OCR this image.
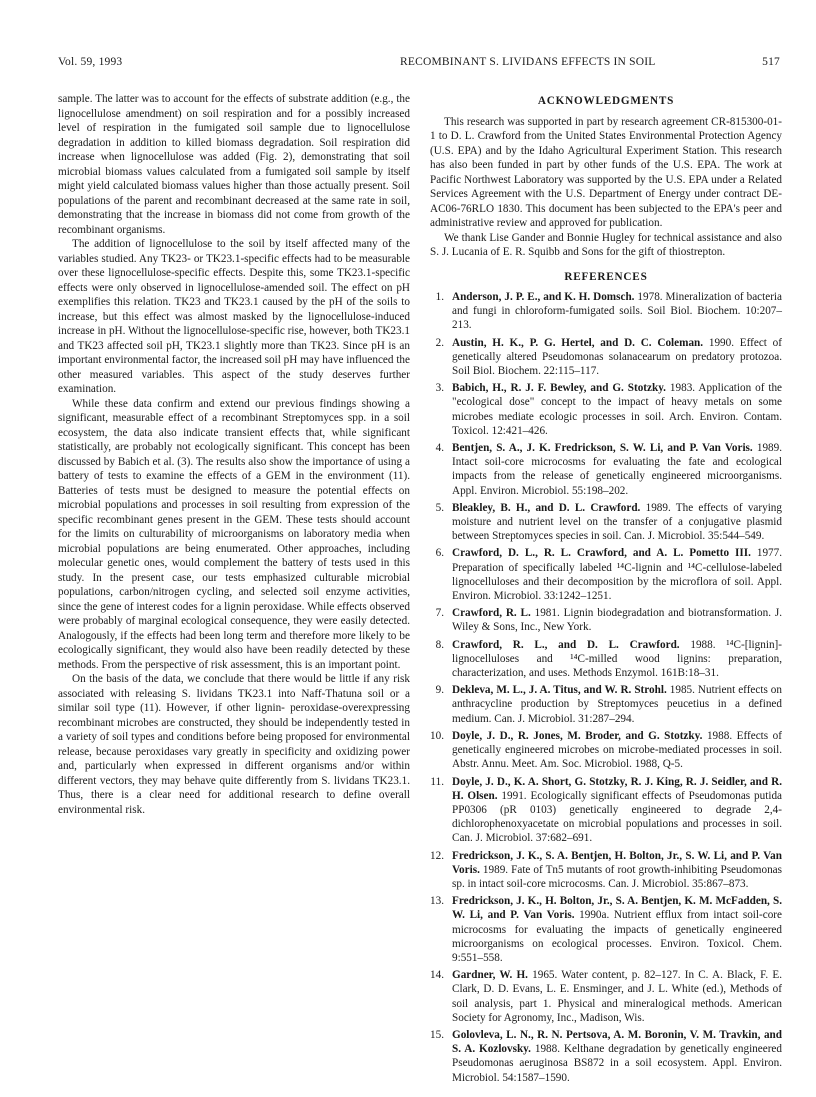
Vol. 59, 1993	RECOMBINANT S. LIVIDANS EFFECTS IN SOIL	517

sample. The latter was to account for the effects of substrate addition (e.g., the lignocellulose amendment) on soil respiration and for a possibly increased level of respiration in the fumigated soil sample due to lignocellulose degradation in addition to killed biomass degradation. Soil respiration did increase when lignocellulose was added (Fig. 2), demonstrating that soil microbial biomass values calculated from a fumigated soil sample by itself might yield calculated biomass values higher than those actually present. Soil populations of the parent and recombinant decreased at the same rate in soil, demonstrating that the increase in biomass did not come from growth of the recombinant organisms.

The addition of lignocellulose to the soil by itself affected many of the variables studied. Any TK23- or TK23.1-specific effects had to be measurable over these lignocellulose-specific effects. Despite this, some TK23.1-specific effects were only observed in lignocellulose-amended soil. The effect on pH exemplifies this relation. TK23 and TK23.1 caused by the pH of the soils to increase, but this effect was almost masked by the lignocellulose-induced increase in pH. Without the lignocellulose-specific rise, however, both TK23.1 and TK23 affected soil pH, TK23.1 slightly more than TK23. Since pH is an important environmental factor, the increased soil pH may have influenced the other measured variables. This aspect of the study deserves further examination.

While these data confirm and extend our previous findings showing a significant, measurable effect of a recombinant Streptomyces spp. in a soil ecosystem, the data also indicate transient effects that, while significant statistically, are probably not ecologically significant. This concept has been discussed by Babich et al. (3). The results also show the importance of using a battery of tests to examine the effects of a GEM in the environment (11). Batteries of tests must be designed to measure the potential effects on microbial populations and processes in soil resulting from expression of the specific recombinant genes present in the GEM. These tests should account for the limits on culturability of microorganisms on laboratory media when microbial populations are being enumerated. Other approaches, including molecular genetic ones, would complement the battery of tests used in this study. In the present case, our tests emphasized culturable microbial populations, carbon/nitrogen cycling, and selected soil enzyme activities, since the gene of interest codes for a lignin peroxidase. While effects observed were probably of marginal ecological consequence, they were easily detected. Analogously, if the effects had been long term and therefore more likely to be ecologically significant, they would also have been readily detected by these methods. From the perspective of risk assessment, this is an important point.

On the basis of the data, we conclude that there would be little if any risk associated with releasing S. lividans TK23.1 into Naff-Thatuna soil or a similar soil type (11). However, if other lignin- peroxidase-overexpressing recombinant microbes are constructed, they should be independently tested in a variety of soil types and conditions before being proposed for environmental release, because peroxidases vary greatly in specificity and oxidizing power and, particularly when expressed in different organisms and/or within different vectors, they may behave quite differently from S. lividans TK23.1. Thus, there is a clear need for additional research to define overall environmental risk.

ACKNOWLEDGMENTS

This research was supported in part by research agreement CR-815300-01-1 to D. L. Crawford from the United States Environmental Protection Agency (U.S. EPA) and by the Idaho Agricultural Experiment Station. This research has also been funded in part by other funds of the U.S. EPA. The work at Pacific Northwest Laboratory was supported by the U.S. EPA under a Related Services Agreement with the U.S. Department of Energy under contract DE-AC06-76RLO 1830. This document has been subjected to the EPA's peer and administrative review and approved for publication.

We thank Lise Gander and Bonnie Hugley for technical assistance and also S. J. Lucania of E. R. Squibb and Sons for the gift of thiostrepton.

REFERENCES
1. Anderson, J. P. E., and K. H. Domsch. 1978. Mineralization of bacteria and fungi in chloroform-fumigated soils. Soil Biol. Biochem. 10:207–213.
2. Austin, H. K., P. G. Hertel, and D. C. Coleman. 1990. Effect of genetically altered Pseudomonas solanacearum on predatory protozoa. Soil Biol. Biochem. 22:115–117.
3. Babich, H., R. J. F. Bewley, and G. Stotzky. 1983. Application of the "ecological dose" concept to the impact of heavy metals on some microbes mediate ecologic processes in soil. Arch. Environ. Contam. Toxicol. 12:421–426.
4. Bentjen, S. A., J. K. Fredrickson, S. W. Li, and P. Van Voris. 1989. Intact soil-core microcosms for evaluating the fate and ecological impacts from the release of genetically engineered microorganisms. Appl. Environ. Microbiol. 55:198–202.
5. Bleakley, B. H., and D. L. Crawford. 1989. The effects of varying moisture and nutrient level on the transfer of a conjugative plasmid between Streptomyces species in soil. Can. J. Microbiol. 35:544–549.
6. Crawford, D. L., R. L. Crawford, and A. L. Pometto III. 1977. Preparation of specifically labeled ¹⁴C-lignin and ¹⁴C-cellulose-labeled lignocelluloses and their decomposition by the microflora of soil. Appl. Environ. Microbiol. 33:1242–1251.
7. Crawford, R. L. 1981. Lignin biodegradation and biotransformation. J. Wiley & Sons, Inc., New York.
8. Crawford, R. L., and D. L. Crawford. 1988. ¹⁴C-[lignin]-lignocelluloses and ¹⁴C-milled wood lignins: preparation, characterization, and uses. Methods Enzymol. 161B:18–31.
9. Dekleva, M. L., J. A. Titus, and W. R. Strohl. 1985. Nutrient effects on anthracycline production by Streptomyces peucetius in a defined medium. Can. J. Microbiol. 31:287–294.
10. Doyle, J. D., R. Jones, M. Broder, and G. Stotzky. 1988. Effects of genetically engineered microbes on microbe-mediated processes in soil. Abstr. Annu. Meet. Am. Soc. Microbiol. 1988, Q-5.
11. Doyle, J. D., K. A. Short, G. Stotzky, R. J. King, R. J. Seidler, and R. H. Olsen. 1991. Ecologically significant effects of Pseudomonas putida PP0306 (pR 0103) genetically engineered to degrade 2,4-dichlorophenoxyacetate on microbial populations and processes in soil. Can. J. Microbiol. 37:682–691.
12. Fredrickson, J. K., S. A. Bentjen, H. Bolton, Jr., S. W. Li, and P. Van Voris. 1989. Fate of Tn5 mutants of root growth-inhibiting Pseudomonas sp. in intact soil-core microcosms. Can. J. Microbiol. 35:867–873.
13. Fredrickson, J. K., H. Bolton, Jr., S. A. Bentjen, K. M. McFadden, S. W. Li, and P. Van Voris. 1990a. Nutrient efflux from intact soil-core microcosms for evaluating the impacts of genetically engineered microorganisms on ecological processes. Environ. Toxicol. Chem. 9:551–558.
14. Gardner, W. H. 1965. Water content, p. 82–127. In C. A. Black, F. E. Clark, D. D. Evans, L. E. Ensminger, and J. L. White (ed.), Methods of soil analysis, part 1. Physical and mineralogical methods. American Society for Agronomy, Inc., Madison, Wis.
15. Golovleva, L. N., R. N. Pertsova, A. M. Boronin, V. M. Travkin, and S. A. Kozlovsky. 1988. Kelthane degradation by genetically engineered Pseudomonas aeruginosa BS872 in a soil ecosystem. Appl. Environ. Microbiol. 54:1587–1590.
